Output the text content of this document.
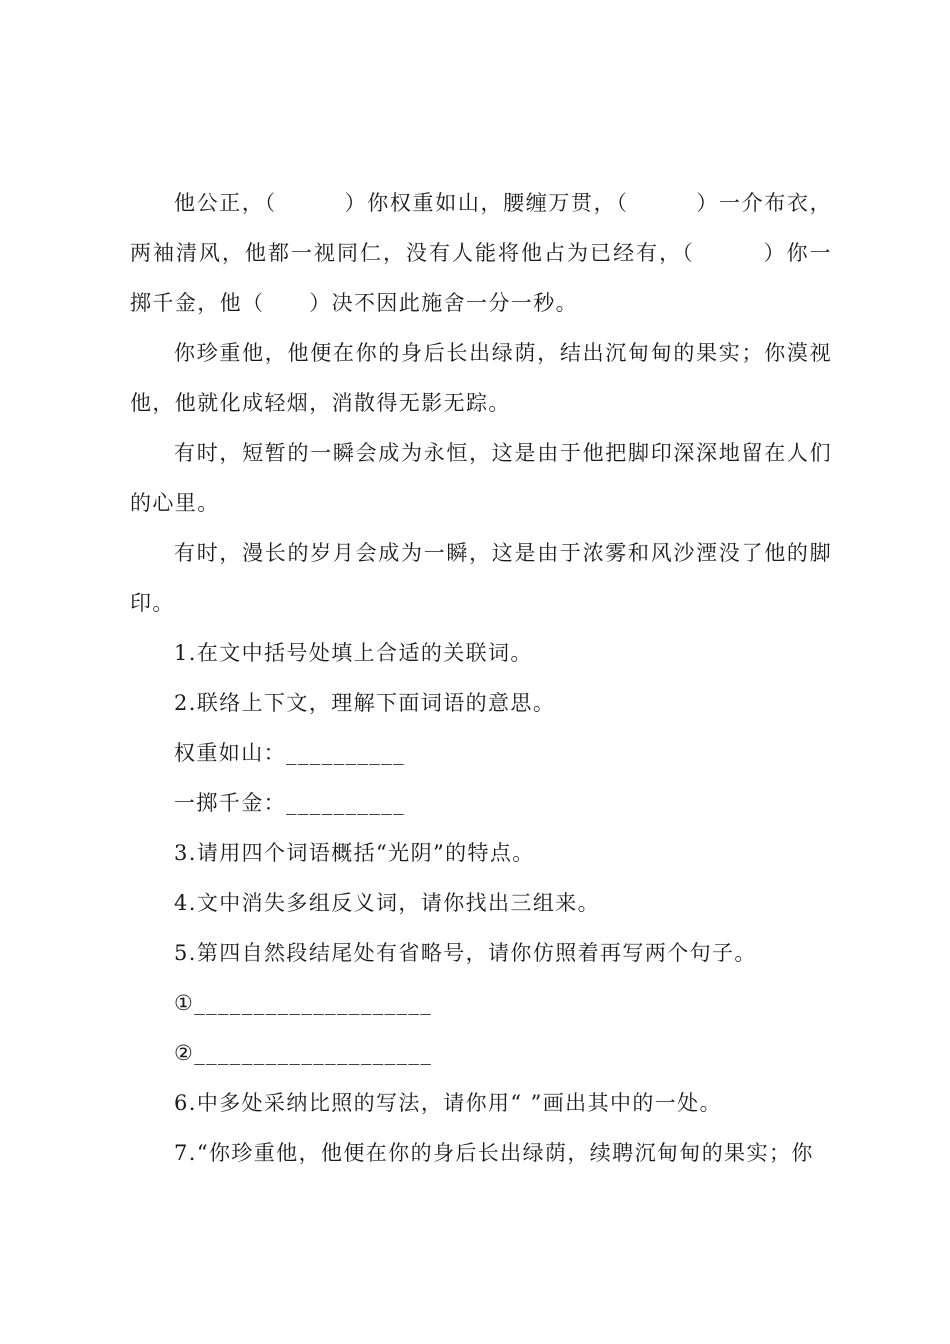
他公正，（　　　）你权重如山，腰缠万贯，（　　　）一介布衣，两袖清风，他都一视同仁，没有人能将他占为已经有，（　　　）你一掷千金，他（　　）决不因此施舍一分一秒。

你珍重他，他便在你的身后长出绿荫，结出沉甸甸的果实；你漠视他，他就化成轻烟，消散得无影无踪。

有时，短暂的一瞬会成为永恒，这是由于他把脚印深深地留在人们的心里。

有时，漫长的岁月会成为一瞬，这是由于浓雾和风沙湮没了他的脚印。

1.在文中括号处填上合适的关联词。

2.联络上下文，理解下面词语的意思。

权重如山：__________

一掷千金：__________

3.请用四个词语概括“光阴”的特点。

4.文中消失多组反义词，请你找出三组来。

5.第四自然段结尾处有省略号，请你仿照着再写两个句子。

①____________________

②____________________

6.中多处采纳比照的写法，请你用“ ”画出其中的一处。

7.“你珍重他，他便在你的身后长出绿荫，续聘沉甸甸的果实；你
